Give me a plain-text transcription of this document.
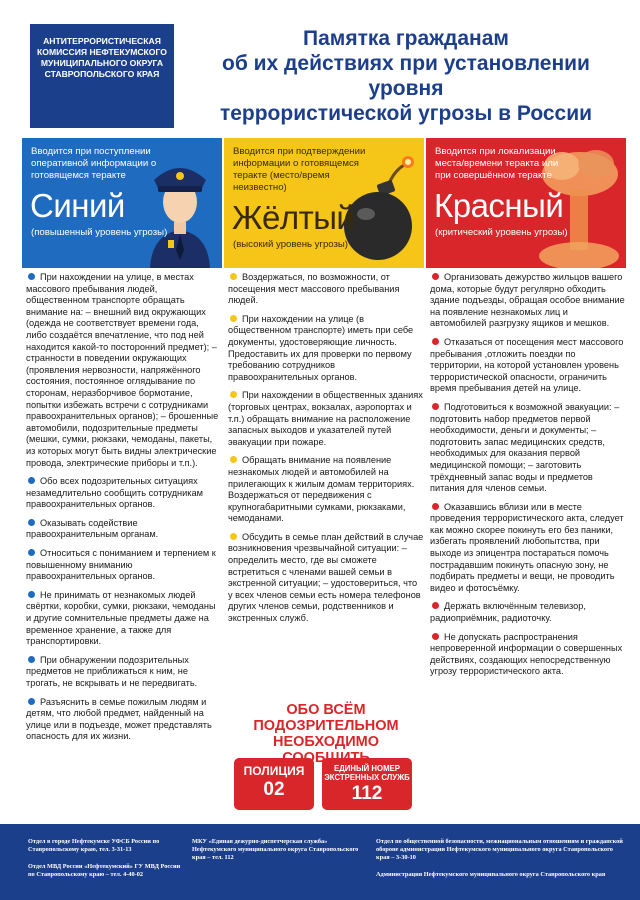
АНТИТЕРРОРИСТИЧЕСКАЯ КОМИССИЯ НЕФТЕКУМСКОГО МУНИЦИПАЛЬНОГО ОКРУГА СТАВРОПОЛЬСКОГО КРАЯ
Памятка гражданам
об их действиях при установлении уровня
террористической угрозы в России
Вводится при поступлении оперативной информации о готовящемся теракте
Синий
(повышенный уровень угрозы)
Вводится при подтверждении информации о готовящемся теракте (место/время неизвестно)
Жёлтый
(высокий уровень угрозы)
Вводится при локализации места/времени теракта или при совершённом теракте
Красный
(критический уровень угрозы)
При нахождении на улице, в местах массового пребывания людей, общественном транспорте обращать внимание на: – внешний вид окружающих (одежда не соответствует времени года, либо создаётся впечатление, что под ней находится какой-то посторонний предмет); – странности в поведении окружающих (проявления нервозности, напряжённого состояния, постоянное оглядывание по сторонам, неразборчивое бормотание, попытки избежать встречи с сотрудниками правоохранительных органов); – брошенные автомобили, подозрительные предметы (мешки, сумки, рюкзаки, чемоданы, пакеты, из которых могут быть видны электрические провода, электрические приборы и т.п.).
Обо всех подозрительных ситуациях незамедлительно сообщить сотрудникам правоохранительных органов.
Оказывать содействие правоохранительным органам.
Относиться с пониманием и терпением к повышенному вниманию правоохранительных органов.
Не принимать от незнакомых людей свёртки, коробки, сумки, рюкзаки, чемоданы и другие сомнительные предметы даже на временное хранение, а также для транспортировки.
При обнаружении подозрительных предметов не приближаться к ним, не трогать, не вскрывать и не передвигать.
Разъяснить в семье пожилым людям и детям, что любой предмет, найденный на улице или в подъезде, может представлять опасность для их жизни.
Воздержаться, по возможности, от посещения мест массового пребывания людей.
При нахождении на улице (в общественном транспорте) иметь при себе документы, удостоверяющие личность. Предоставить их для проверки по первому требованию сотрудников правоохранительных органов.
При нахождении в общественных зданиях (торговых центрах, вокзалах, аэропортах и т.п.) обращать внимание на расположение запасных выходов и указателей путей эвакуации при пожаре.
Обращать внимание на появление незнакомых людей и автомобилей на прилегающих к жилым домам территориях. Воздержаться от передвижения с крупногабаритными сумками, рюкзаками, чемоданами.
Обсудить в семье план действий в случае возникновения чрезвычайной ситуации: – определить место, где вы сможете встретиться с членами вашей семьи в экстренной ситуации; – удостовериться, что у всех членов семьи есть номера телефонов других членов семьи, родственников и экстренных служб.
Организовать дежурство жильцов вашего дома, которые будут регулярно обходить здание подъезды, обращая особое внимание на появление незнакомых лиц и автомобилей разгрузку ящиков и мешков.
Отказаться от посещения мест массового пребывания ,отложить поездки по территории, на которой установлен уровень террористической опасности, ограничить время пребывания детей на улице.
Подготовиться к возможной эвакуации: – подготовить набор предметов первой необходимости, деньги и документы; – подготовить запас медицинских средств, необходимых для оказания первой медицинской помощи; – заготовить трёхдневный запас воды и предметов питания для членов семьи.
Оказавшись вблизи или в месте проведения террористического акта, следует как можно скорее покинуть его без паники, избегать проявлений любопытства, при выходе из эпицентра постараться помочь пострадавшим покинуть опасную зону, не подбирать предметы и вещи, не проводить видео и фотосъёмку.
Держать включённым телевизор, радиоприёмник, радиоточку.
Не допускать распространения непроверенной информации о совершенных действиях, создающих непосредственную угрозу террористического акта.
ОБО ВСЁМ
ПОДОЗРИТЕЛЬНОМ
НЕОБХОДИМО
ПОЛИЦИЯ
02
ЕДИНЫЙ НОМЕР ЭКСТРЕННЫХ СЛУЖБ
112
Отдел в городе Нефтекумске УФСБ России по Ставропольскому краю, тел. 3-31-13
Отдел МВД России «Нефтекумский» ГУ МВД России по Ставропольскому краю – тел. 4-40-02
МКУ «Единая дежурно-диспетчерская служба» Нефтекумского муниципального округа Ставропольского края – тел. 112
Отдел по общественной безопасности, межнациональным отношениям и гражданской обороне администрации Нефтекумского муниципального округа Ставропольского края – 3-30-10
Администрация Нефтекумского муниципального округа Ставропольского края
